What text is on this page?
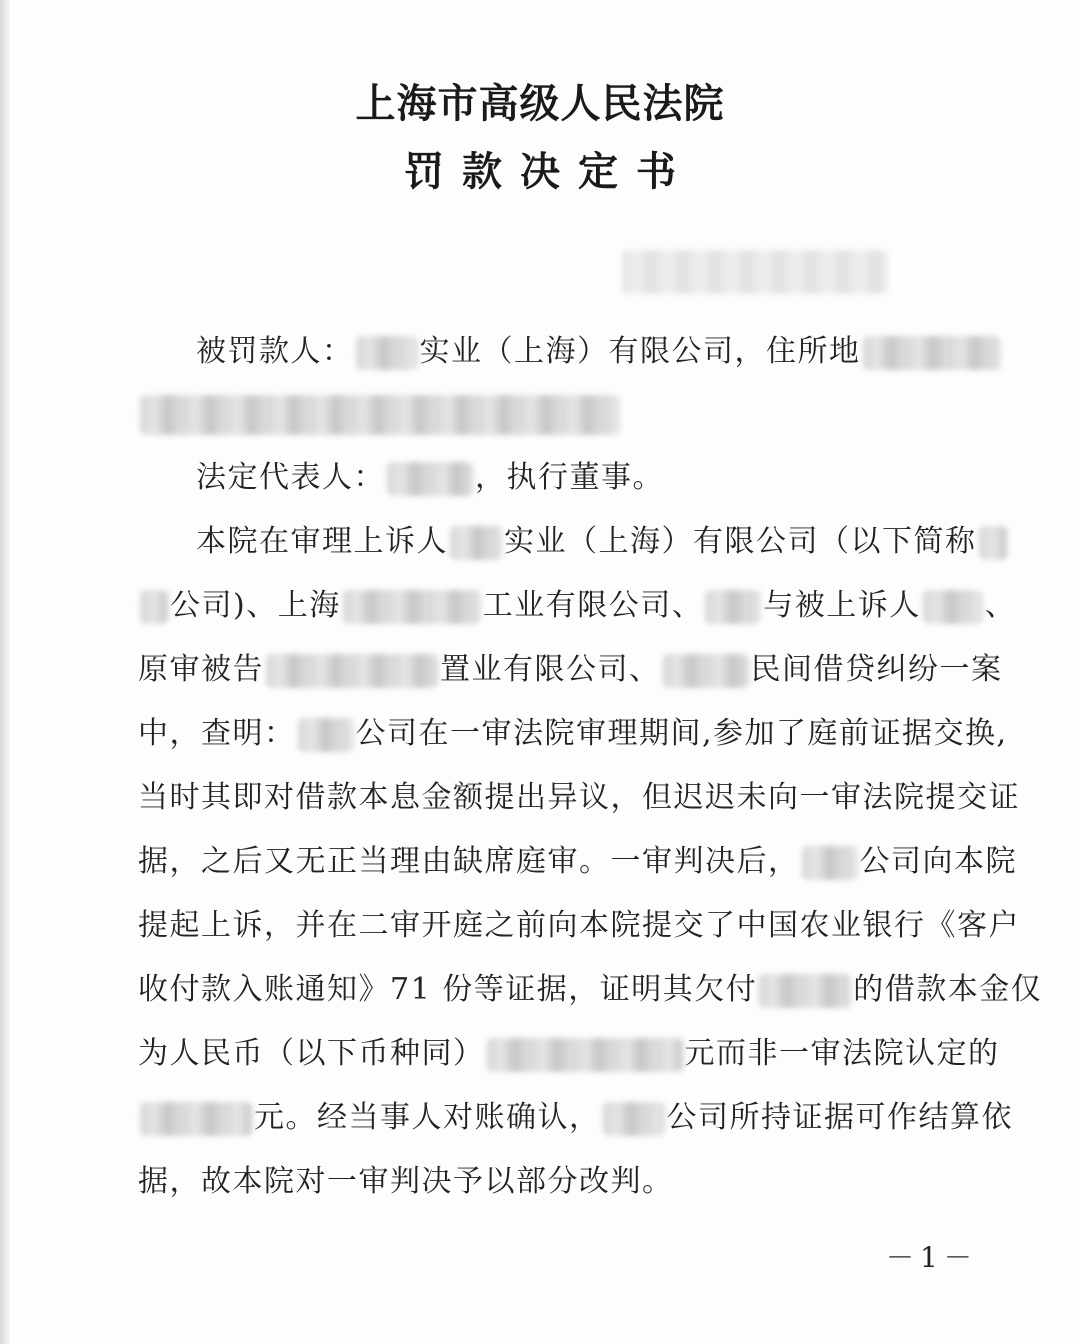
上海市高级人民法院
罚款决定书
被罚款人： 实业（上海）有限公司，住所地
法定代表人：	，执行董事。
本院在审理上诉人 实业（上海）有限公司（以下简称
公司)、上海	工业有限公司、 与被上诉人 、
原审被告	置业有限公司、	民间借贷纠纷一案
中，查明： 公司在一审法院审理期间,参加了庭前证据交换,
当时其即对借款本息金额提出异议，但迟迟未向一审法院提交证
据，之后又无正当理由缺席庭审。一审判决后， 公司向本院
提起上诉，并在二审开庭之前向本院提交了中国农业银行《客户
收付款入账通知》71 份等证据，证明其欠付	的借款本金仅
为人民币（以下币种同）	元而非一审法院认定的
元。经当事人对账确认， 公司所持证据可作结算依
据，故本院对一审判决予以部分改判。
－1－
